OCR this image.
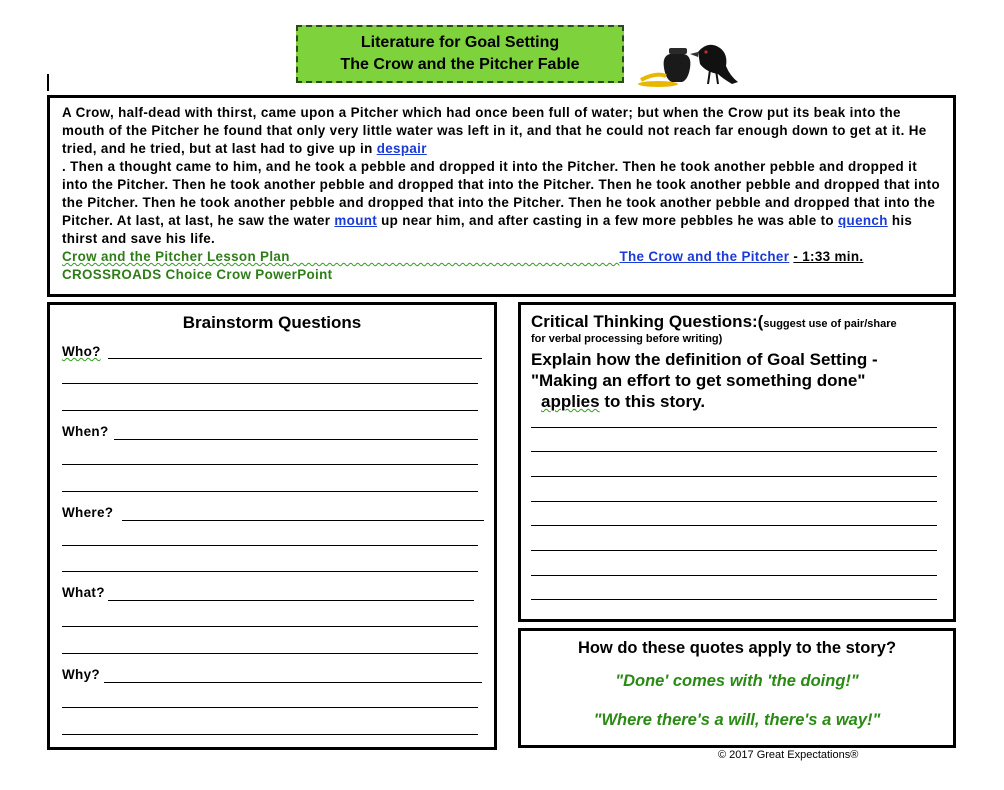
Literature for Goal Setting
The Crow and the Pitcher Fable

A Crow, half-dead with thirst, came upon a Pitcher which had once been full of water; but when the Crow put its beak into the mouth of the Pitcher he found that only very little water was left in it, and that he could not reach far enough down to get at it. He tried, and he tried, but at last had to give up in despair
. Then a thought came to him, and he took a pebble and dropped it into the Pitcher. Then he took another pebble and dropped it into the Pitcher. Then he took another pebble and dropped that into the Pitcher. Then he took another pebble and dropped that into the Pitcher. Then he took another pebble and dropped that into the Pitcher. Then he took another pebble and dropped that into the Pitcher. At last, at last, he saw the water mount up near him, and after casting in a few more pebbles he was able to quench his thirst and save his life.

Crow and the Pitcher Lesson Plan	The Crow and the Pitcher - 1:33 min.

CROSSROADS Choice Crow PowerPoint

Brainstorm Questions
Who?
When?
Where?
What?
Why?
Critical Thinking Questions:(suggest use of pair/share
for verbal processing before writing)
Explain how the definition of Goal Setting -
"Making an effort to get something done"
applies to this story.
How do these quotes apply to the story?
"Done' comes with 'the doing!"
"Where there's a will, there's a way!"
© 2017 Great Expectations®
